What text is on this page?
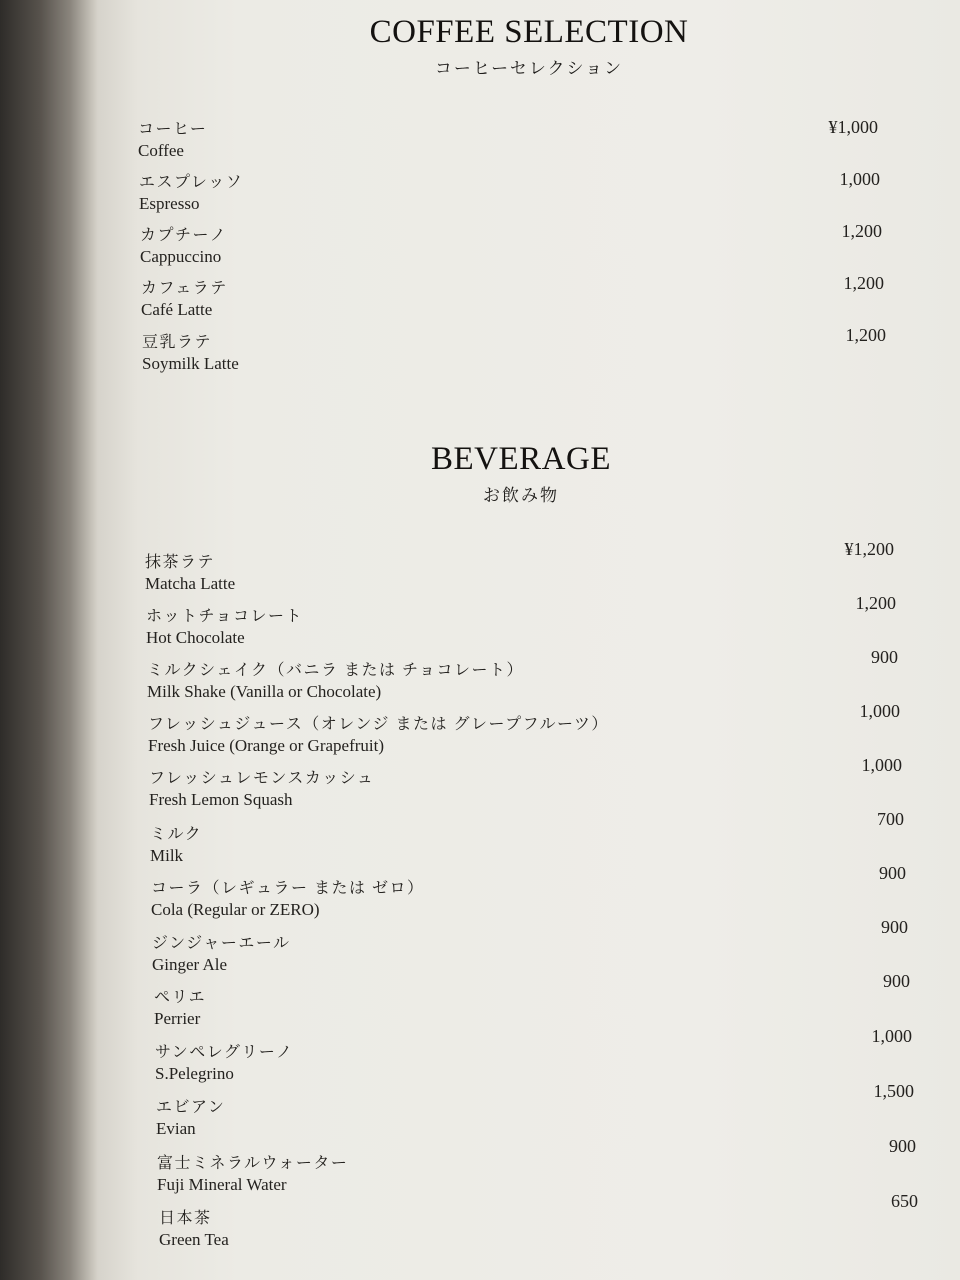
COFFEE SELECTION
コーヒーセレクション
コーヒー
Coffee
¥1,000
エスプレッソ
Espresso
1,000
カプチーノ
Cappuccino
1,200
カフェラテ
Café Latte
1,200
豆乳ラテ
Soymilk Latte
1,200
BEVERAGE
お飲み物
抹茶ラテ
Matcha Latte
¥1,200
ホットチョコレート
Hot Chocolate
1,200
ミルクシェイク（バニラ または チョコレート）
Milk Shake (Vanilla or Chocolate)
900
フレッシュジュース（オレンジ または グレープフルーツ）
Fresh Juice (Orange or Grapefruit)
1,000
フレッシュレモンスカッシュ
Fresh Lemon Squash
1,000
ミルク
Milk
700
コーラ（レギュラー または ゼロ）
Cola (Regular or ZERO)
900
ジンジャーエール
Ginger Ale
900
ペリエ
Perrier
900
サンペレグリーノ
S.Pelegrino
1,000
エビアン
Evian
1,500
富士ミネラルウォーター
Fuji Mineral Water
900
日本茶
Green Tea
650
